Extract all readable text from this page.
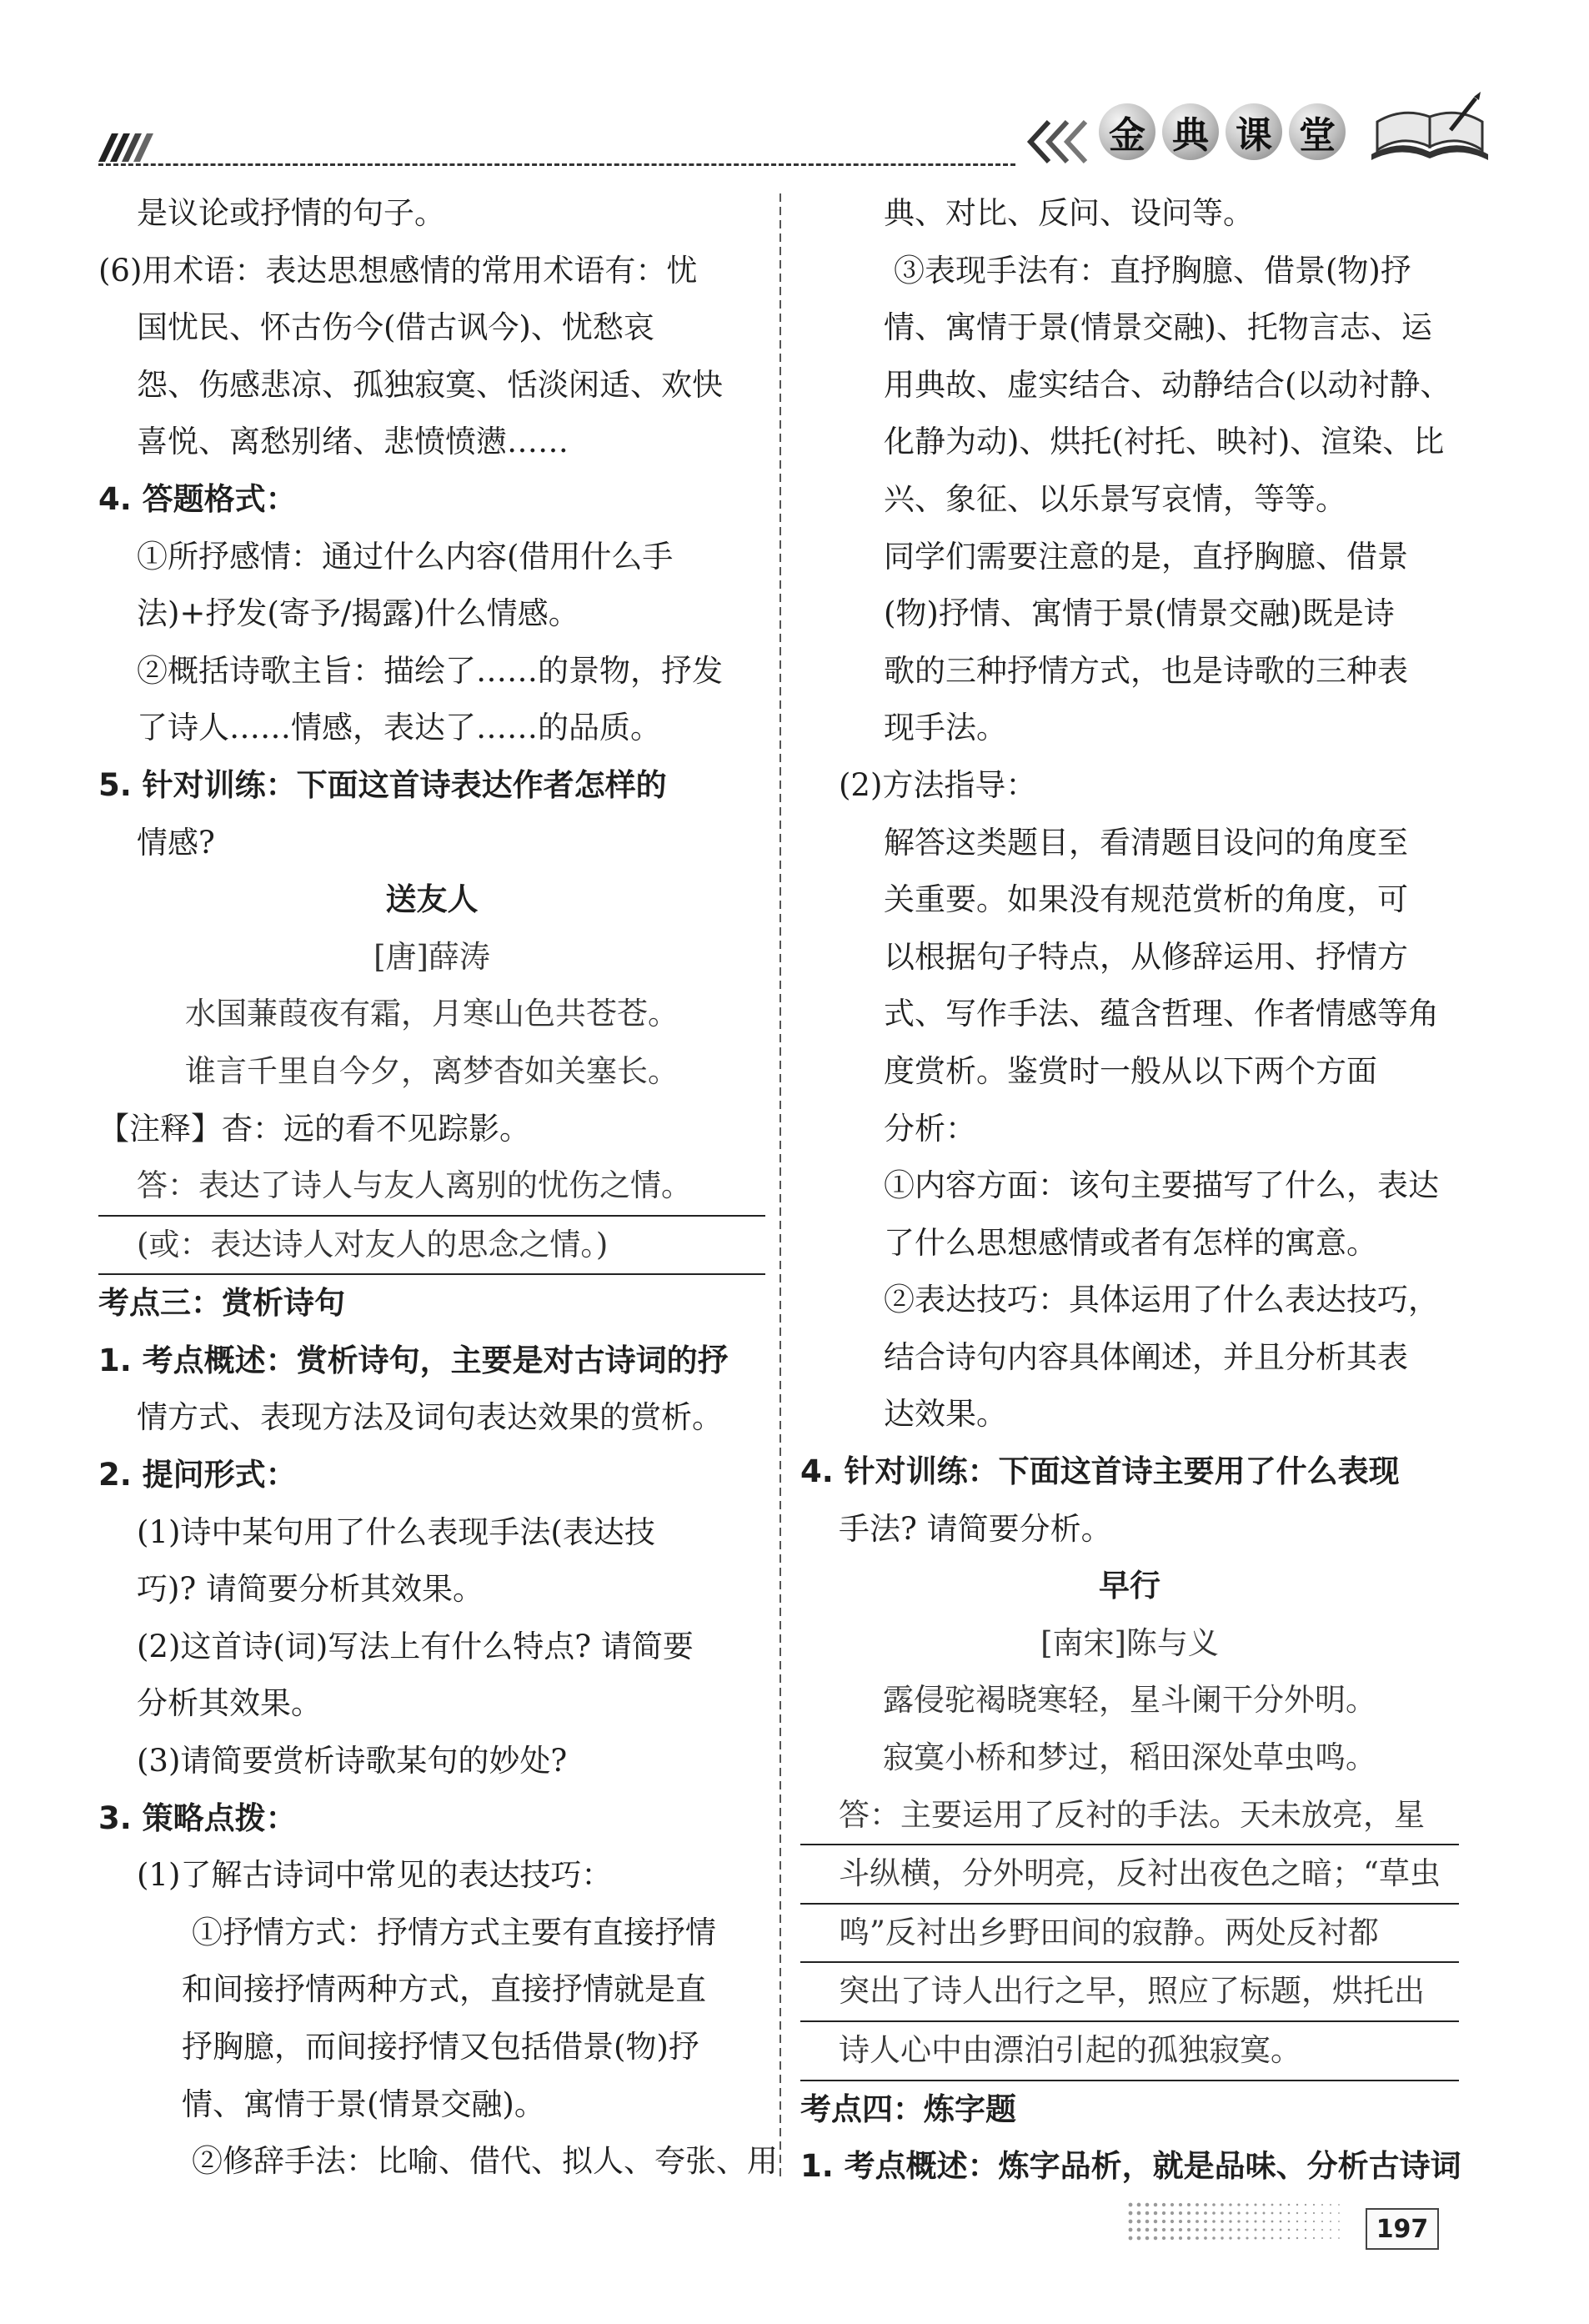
金 典 课 堂
是议论或抒情的句子。
(6)用术语：表达思想感情的常用术语有：忧
国忧民、怀古伤今(借古讽今)、忧愁哀
怨、伤感悲凉、孤独寂寞、恬淡闲适、欢快
喜悦、离愁别绪、悲愤愤懑……
4. 答题格式：
①所抒感情：通过什么内容(借用什么手
法)+抒发(寄予/揭露)什么情感。
②概括诗歌主旨：描绘了……的景物，抒发
了诗人……情感，表达了……的品质。
5. 针对训练：下面这首诗表达作者怎样的
情感?
送友人
[唐]薛涛
水国蒹葭夜有霜，月寒山色共苍苍。
谁言千里自今夕，离梦杳如关塞长。
【注释】杳：远的看不见踪影。
答：表达了诗人与友人离别的忧伤之情。
(或：表达诗人对友人的思念之情。)
考点三：赏析诗句
1. 考点概述：赏析诗句，主要是对古诗词的抒
情方式、表现方法及词句表达效果的赏析。
2. 提问形式：
(1)诗中某句用了什么表现手法(表达技
巧)? 请简要分析其效果。
(2)这首诗(词)写法上有什么特点? 请简要
分析其效果。
(3)请简要赏析诗歌某句的妙处?
3. 策略点拨：
(1)了解古诗词中常见的表达技巧：
①抒情方式：抒情方式主要有直接抒情
和间接抒情两种方式，直接抒情就是直
抒胸臆，而间接抒情又包括借景(物)抒
情、寓情于景(情景交融)。
②修辞手法：比喻、借代、拟人、夸张、用
典、对比、反问、设问等。
③表现手法有：直抒胸臆、借景(物)抒
情、寓情于景(情景交融)、托物言志、运
用典故、虚实结合、动静结合(以动衬静、
化静为动)、烘托(衬托、映衬)、渲染、比
兴、象征、以乐景写哀情，等等。
同学们需要注意的是，直抒胸臆、借景
(物)抒情、寓情于景(情景交融)既是诗
歌的三种抒情方式，也是诗歌的三种表
现手法。
(2)方法指导：
解答这类题目，看清题目设问的角度至
关重要。如果没有规范赏析的角度，可
以根据句子特点，从修辞运用、抒情方
式、写作手法、蕴含哲理、作者情感等角
度赏析。鉴赏时一般从以下两个方面
分析：
①内容方面：该句主要描写了什么，表达
了什么思想感情或者有怎样的寓意。
②表达技巧：具体运用了什么表达技巧，
结合诗句内容具体阐述，并且分析其表
达效果。
4. 针对训练：下面这首诗主要用了什么表现
手法? 请简要分析。
早行
[南宋]陈与义
露侵驼褐晓寒轻，星斗阑干分外明。
寂寞小桥和梦过，稻田深处草虫鸣。
答：主要运用了反衬的手法。天未放亮，星
斗纵横，分外明亮，反衬出夜色之暗；“草虫
鸣”反衬出乡野田间的寂静。两处反衬都
突出了诗人出行之早，照应了标题，烘托出
诗人心中由漂泊引起的孤独寂寞。
考点四：炼字题
1. 考点概述：炼字品析，就是品味、分析古诗词
197
